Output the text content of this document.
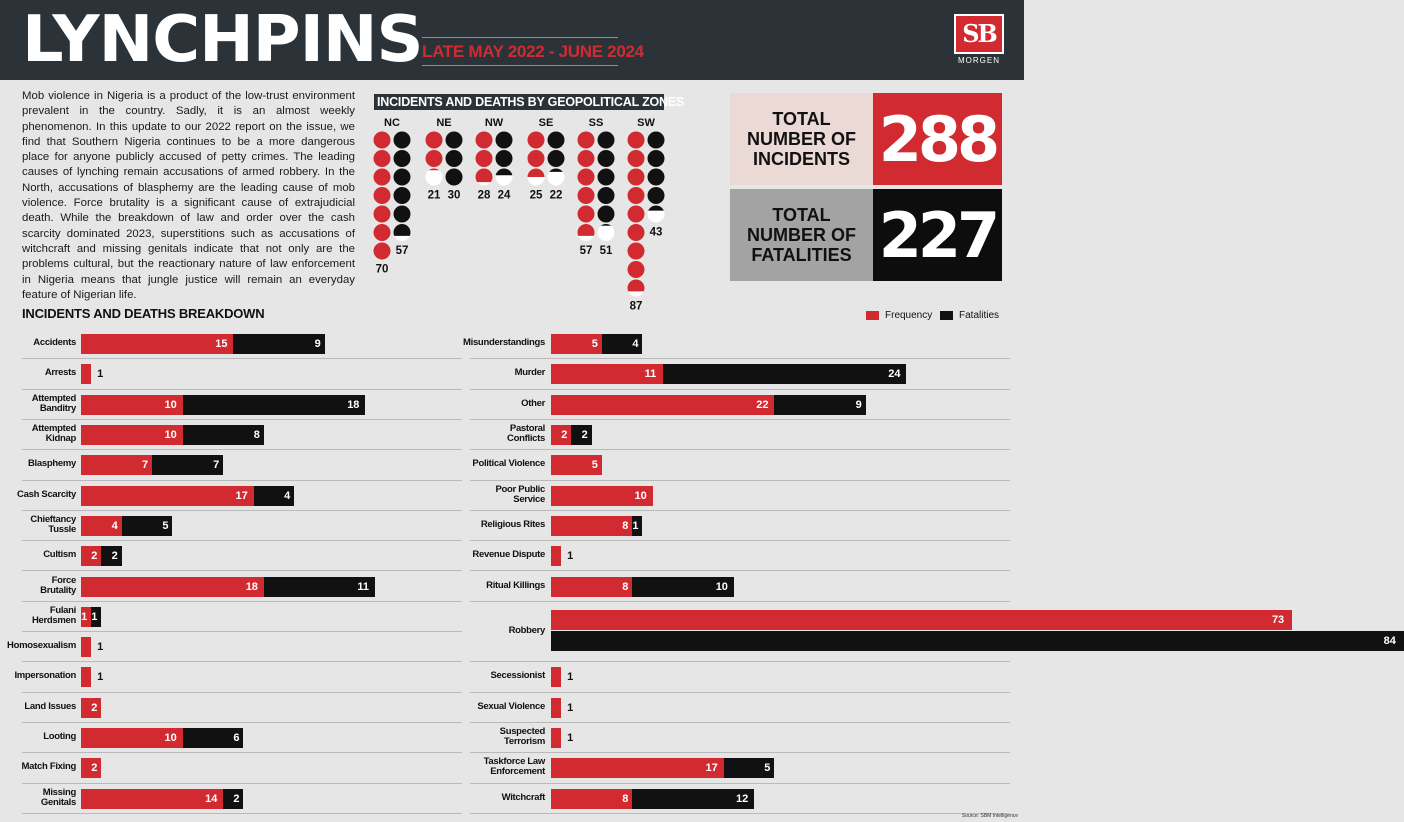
LYNCHPINS LATE MAY 2022 - JUNE 2024
SB
MORGEN

Mob violence in Nigeria is a product of the low-trust environment prevalent in the country. Sadly, it is an almost weekly phenomenon. In this update to our 2022 report on the issue, we find that Southern Nigeria continues to be a more dangerous place for anyone publicly accused of petty crimes. The leading causes of lynching remain accusations of armed robbery. In the North, accusations of blasphemy are the leading cause of mob violence. Force brutality is a significant cause of extrajudicial death. While the breakdown of law and order over the cash scarcity dominated 2023, superstitions such as accusations of witchcraft and missing genitals indicate that not only are the problems cultural, but the reactionary nature of law enforcement in Nigeria means that jungle justice will remain an everyday feature of Nigerian life.

INCIDENTS AND DEATHS BY GEOPOLITICAL ZONES
NC
70
57
NE
21 30
NW
28 24
SE
25 22
SS
57 51
SW
87
43
TOTAL NUMBER OF INCIDENTS 288
TOTAL NUMBER OF FATALITIES 227
INCIDENTS AND DEATHS BREAKDOWN	Frequency	Fatalities
Accidents	15	9
Arrests 1
Attempted Banditry	10	18
Attempted Kidnap	10	8
Blasphemy	7	7
Cash Scarcity	17	4
Chieftancy Tussle	4	5
Cultism 2 2
Force Brutality	18	11
Fulani Herdsmen 1 1
Homosexualism 1
Impersonation 1
Land Issues 2
Looting	10	6
Match Fixing 2
Missing Genitals	14 2
Misunderstandings	5	4
Murder	11	24
Other	22	9
Pastoral Conflicts 2 2
Political Violence	5
Poor Public Service	10
Religious Rites	8 1
Revenue Dispute 1
Ritual Killings	8	10
Robbery
73
84
Secessionist 1
Sexual Violence 1
Suspected Terrorism 1
Taskforce Law Enforcement	17	5
Witchcraft	8	12
Source: SBM Intelligence
